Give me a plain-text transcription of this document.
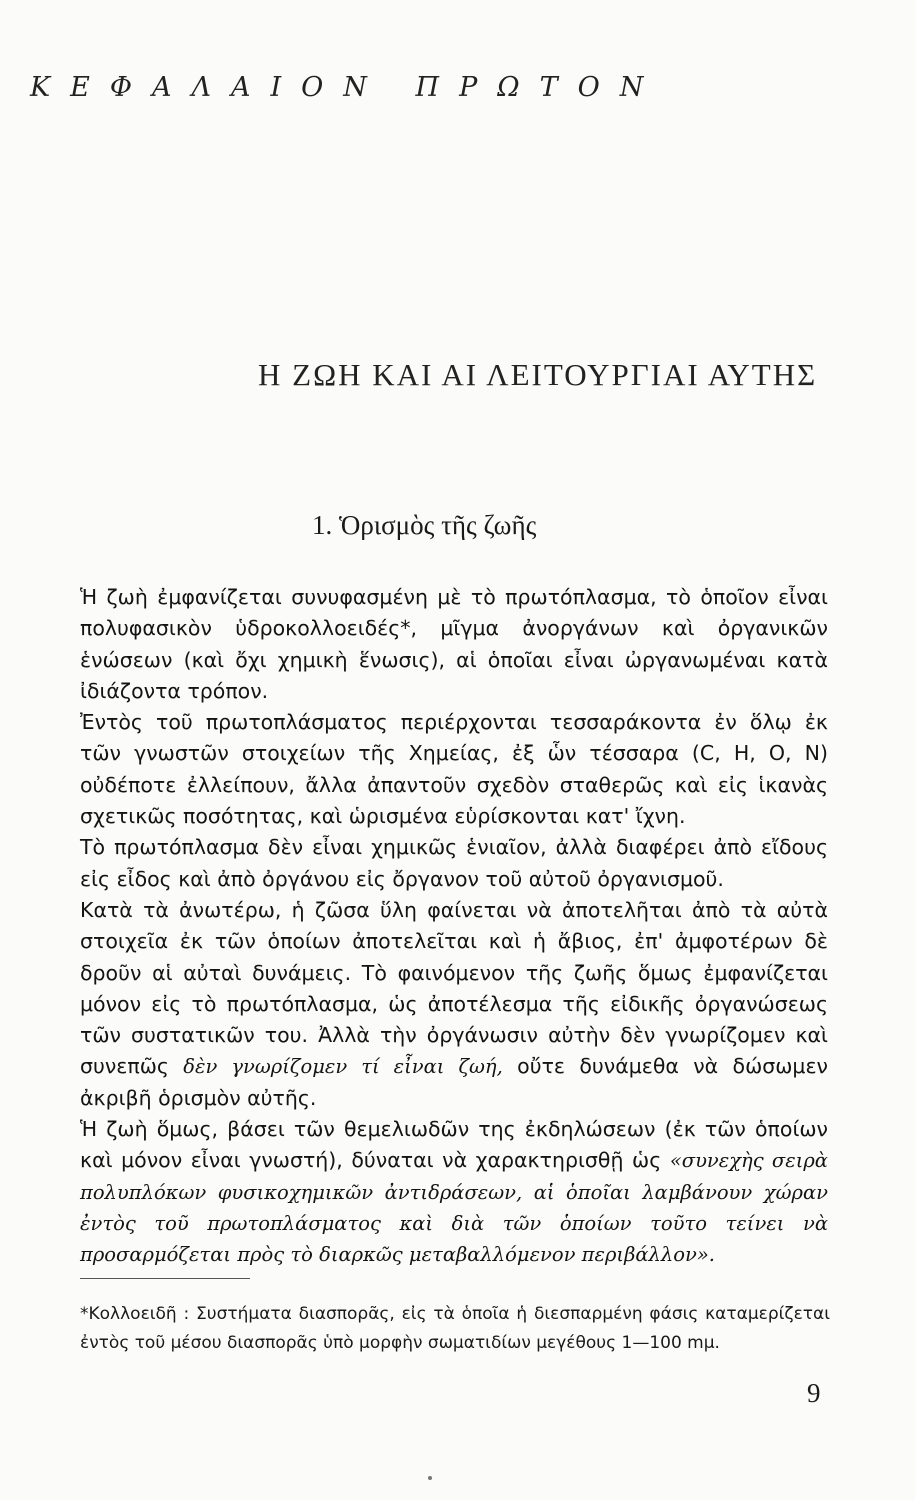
ΚΕΦΑΛΑΙΟΝ ΠΡΩΤΟΝ
Η ΖΩΗ ΚΑΙ ΑΙ ΛΕΙΤΟΥΡΓΙΑΙ ΑΥΤΗΣ
1. Ὁρισμὸς τῆς ζωῆς

Ἡ ζωὴ ἐμφανίζεται συνυφασμένη μὲ τὸ πρωτόπλασμα, τὸ ὁποῖον εἶναι πολυφασικὸν ὑδροκολλοειδές*, μῖγμα ἀνοργάνων καὶ ὀργανικῶν ἑνώσεων (καὶ ὄχι χημικὴ ἕνωσις), αἱ ὁποῖαι εἶναι ὠργανωμέναι κατὰ ἰδιάζοντα τρόπον.

Ἐντὸς τοῦ πρωτοπλάσματος περιέρχονται τεσσαράκοντα ἐν ὅλῳ ἐκ τῶν γνωστῶν στοιχείων τῆς Χημείας, ἐξ ὧν τέσσαρα (C, H, O, N) οὐδέποτε ἐλλείπουν, ἄλλα ἀπαντοῦν σχεδὸν σταθερῶς καὶ εἰς ἱκανὰς σχετικῶς ποσότητας, καὶ ὡρισμένα εὑρίσκονται κατ' ἴχνη.

Τὸ πρωτόπλασμα δὲν εἶναι χημικῶς ἑνιαῖον, ἀλλὰ διαφέρει ἀπὸ εἴδους εἰς εἶδος καὶ ἀπὸ ὀργάνου εἰς ὄργανον τοῦ αὐτοῦ ὀργανισμοῦ.

Κατὰ τὰ ἀνωτέρω, ἡ ζῶσα ὕλη φαίνεται νὰ ἀποτελῆται ἀπὸ τὰ αὐτὰ στοιχεῖα ἐκ τῶν ὁποίων ἀποτελεῖται καὶ ἡ ἄβιος, ἐπ' ἀμφοτέρων δὲ δροῦν αἱ αὐταὶ δυνάμεις. Τὸ φαινόμενον τῆς ζωῆς ὅμως ἐμφανίζεται μόνον εἰς τὸ πρωτόπλασμα, ὡς ἀποτέλεσμα τῆς εἰδικῆς ὀργανώσεως τῶν συστατικῶν του. Ἀλλὰ τὴν ὀργάνωσιν αὐτὴν δὲν γνωρίζομεν καὶ συνεπῶς δὲν γνωρίζομεν τί εἶναι ζωή, οὔτε δυνάμεθα νὰ δώσωμεν ἀκριβῆ ὁρισμὸν αὐτῆς.

Ἡ ζωὴ ὅμως, βάσει τῶν θεμελιωδῶν της ἐκδηλώσεων (ἐκ τῶν ὁποίων καὶ μόνον εἶναι γνωστή), δύναται νὰ χαρακτηρισθῇ ὡς «συνεχὴς σειρὰ πολυπλόκων φυσικοχημικῶν ἀντιδράσεων, αἱ ὁποῖαι λαμβάνουν χώραν ἐντὸς τοῦ πρωτοπλάσματος καὶ διὰ τῶν ὁποίων τοῦτο τείνει νὰ προσαρμόζεται πρὸς τὸ διαρκῶς μεταβαλλόμενον περιβάλλον».

*Κολλοειδῆ : Συστήματα διασπορᾶς, εἰς τὰ ὁποῖα ἡ διεσπαρμένη φάσις καταμερίζεται ἐντὸς τοῦ μέσου διασπορᾶς ὑπὸ μορφὴν σωματιδίων μεγέθους 1—100 mμ.
9
